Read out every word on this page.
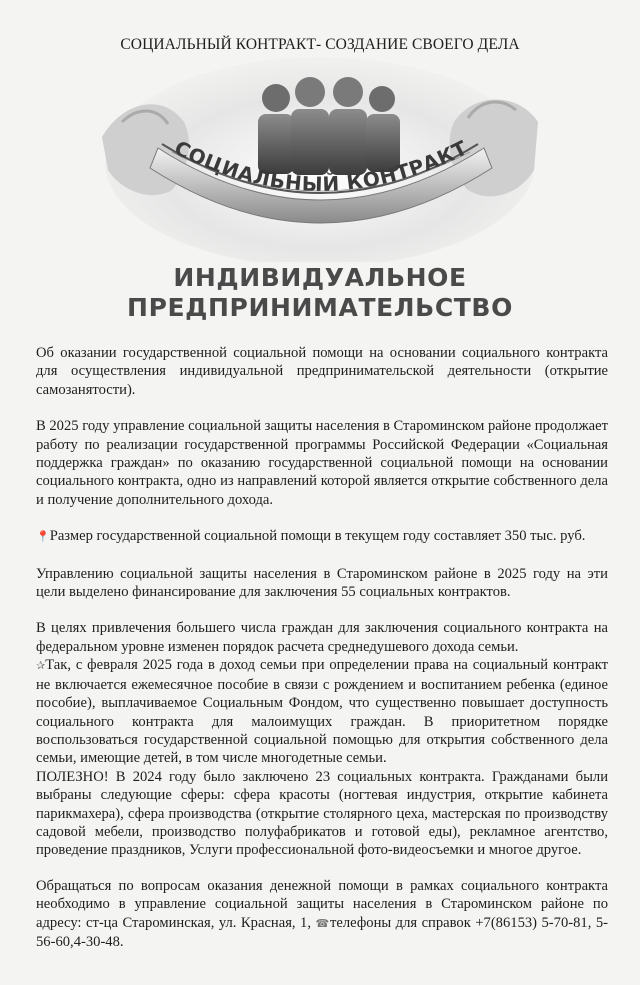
СОЦИАЛЬНЫЙ КОНТРАКТ- СОЗДАНИЕ СВОЕГО ДЕЛА
СОЦИАЛЬНЫЙ КОНТРАКТ
ИНДИВИДУАЛЬНОЕ
ПРЕДПРИНИМАТЕЛЬСТВО

Об оказании государственной социальной помощи на основании социального контракта для осуществления индивидуальной предпринимательской деятельности (открытие самозанятости).

В 2025 году управление социальной защиты населения в Староминском районе продолжает работу по реализации государственной программы Российской Федерации «Социальная поддержка граждан» по оказанию государственной социальной помощи на основании социального контракта, одно из направлений которой является открытие собственного дела и получение дополнительного дохода.

📍Размер государственной социальной помощи в текущем году составляет 350 тыс. руб.

Управлению социальной защиты населения в Староминском районе в 2025 году на эти цели выделено финансирование для заключения 55 социальных контрактов.

В целях привлечения большего числа граждан для заключения социального контракта на федеральном уровне изменен порядок расчета среднедушевого дохода семьи.

✰Так, с февраля 2025 года в доход семьи при определении права на социальный контракт не включается ежемесячное пособие в связи с рождением и воспитанием ребенка (единое пособие), выплачиваемое Социальным Фондом, что существенно повышает доступность социального контракта для малоимущих граждан. В приоритетном порядке воспользоваться государственной социальной помощью для открытия собственного дела семьи, имеющие детей, в том числе многодетные семьи.

ПОЛЕЗНО! В 2024 году было заключено 23 социальных контракта. Гражданами были выбраны следующие сферы: сфера красоты (ногтевая индустрия, открытие кабинета парикмахера), сфера производства (открытие столярного цеха, мастерская по производству садовой мебели, производство полуфабрикатов и готовой еды), рекламное агентство, проведение праздников, Услуги профессиональной фото-видеосъемки и многое другое.

Обращаться по вопросам оказания денежной помощи в рамках социального контракта необходимо в управление социальной защиты населения в Староминском районе по адресу: ст-ца Староминская, ул. Красная, 1, ☎телефоны для справок +7(86153) 5-70-81, 5-56-60,4-30-48.
